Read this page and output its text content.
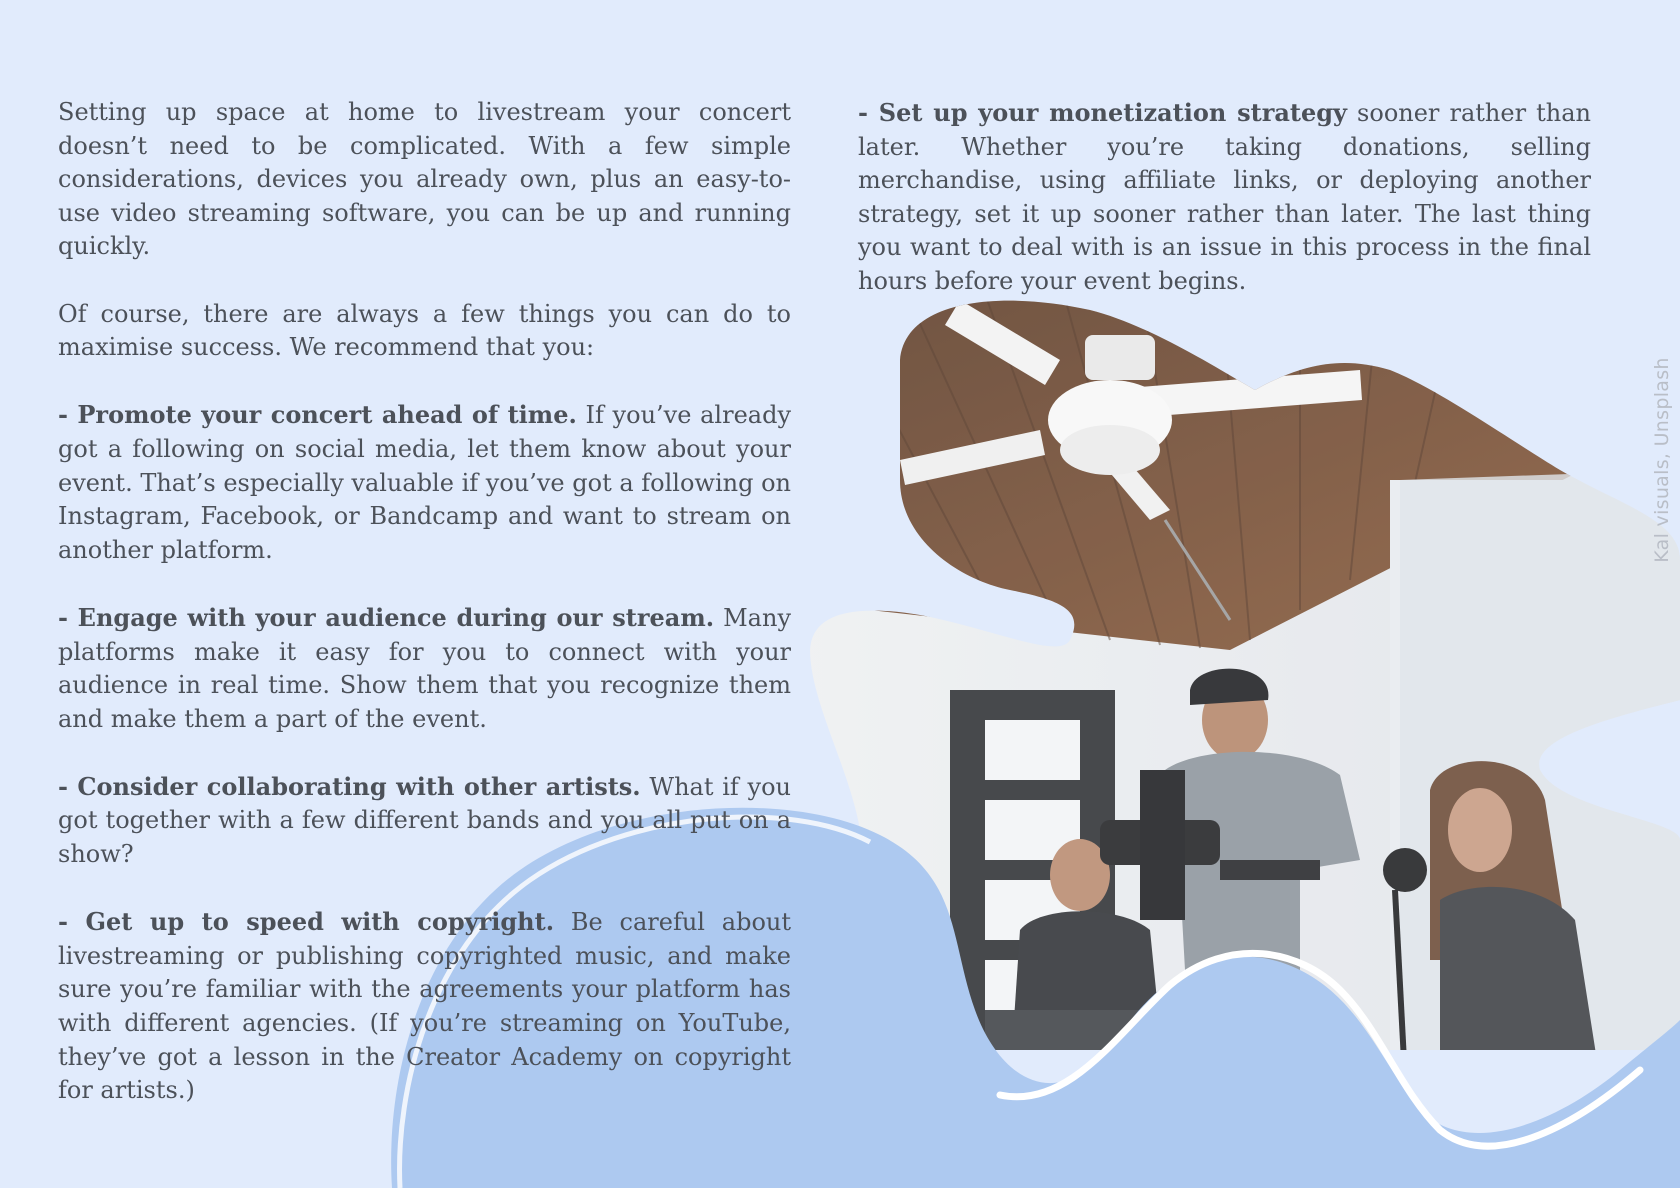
Setting up space at home to livestream your concert doesn’t need to be complicated. With a few simple considerations, devices you already own, plus an easy-to-use video streaming software, you can be up and running quickly.

Of course, there are always a few things you can do to maximise success. We recommend that you:

- Promote your concert ahead of time. If you’ve already got a following on social media, let them know about your event. That’s especially valuable if you’ve got a following on Instagram, Facebook, or Bandcamp and want to stream on another platform.

- Engage with your audience during our stream. Many platforms make it easy for you to connect with your audience in real time. Show them that you recognize them and make them a part of the event.

- Consider collaborating with other artists. What if you got together with a few different bands and you all put on a show?

- Get up to speed with copyright. Be careful about livestreaming or publishing copyrighted music, and make sure you’re familiar with the agreements your platform has with different agencies. (If you’re streaming on YouTube, they’ve got a lesson in the Creator Academy on copyright for artists.)

- Set up your monetization strategy sooner rather than later. Whether you’re taking donations, selling merchandise, using affiliate links, or deploying another strategy, set it up sooner rather than later. The last thing you want to deal with is an issue in this process in the final hours before your event begins.

Kal visuals, Unsplash
